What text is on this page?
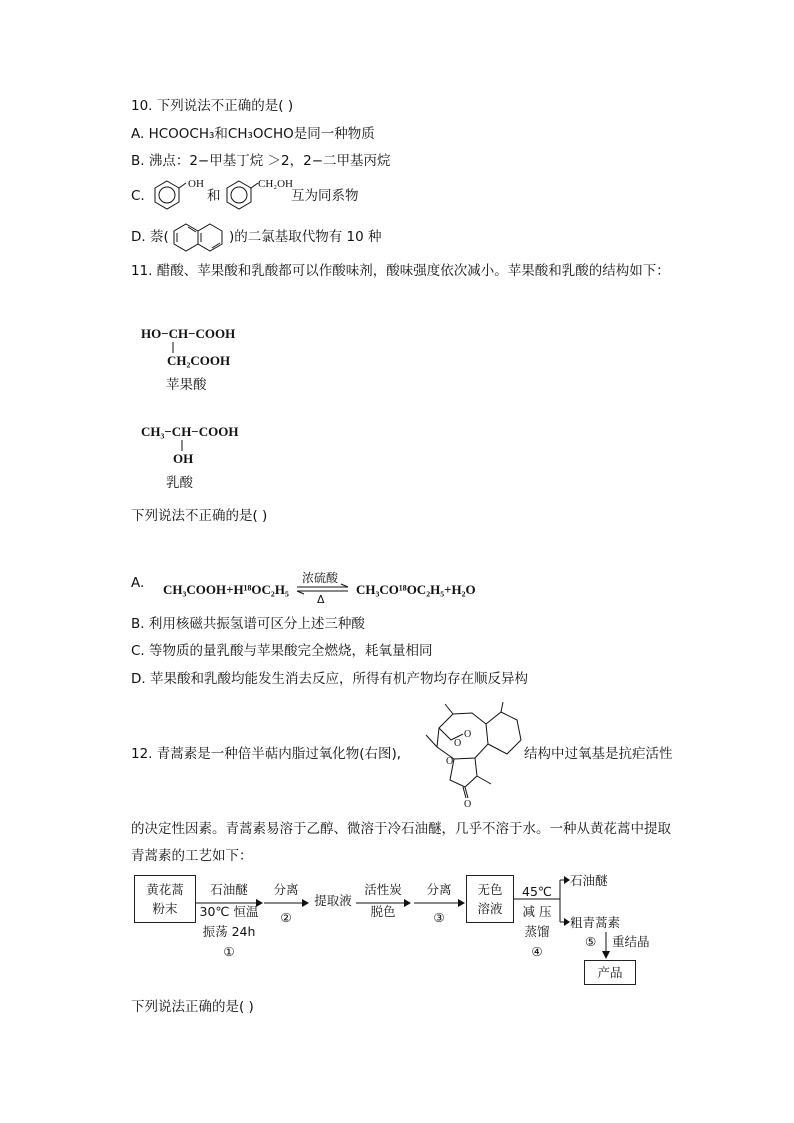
10. 下列说法不正确的是( )
A. HCOOCH₃和CH₃OCHO是同一种物质
B. 沸点：2−甲基丁烷 ＞2，2−二甲基丙烷
C.
OH
和
CH₂OH
互为同系物
D. 萘(	)的二氯基取代物有 10 种
11. 醋酸、苹果酸和乳酸都可以作酸味剂，酸味强度依次减小。苹果酸和乳酸的结构如下：
HO−CH−COOH
CH₂COOH
苹果酸
CH₃−CH−COOH
OH
乳酸
下列说法不正确的是( )
A. CH₃COOH+H¹⁸OC₂H₅
浓硫酸
Δ
CH₃CO¹⁸OC₂H₅+H₂O
B. 利用核磁共振氢谱可区分上述三种酸
C. 等物质的量乳酸与苹果酸完全燃烧，耗氧量相同
D. 苹果酸和乳酸均能发生消去反应，所得有机产物均存在顺反异构
12. 青蒿素是一种倍半萜内脂过氧化物(右图),
O
O
O
O
结构中过氧基是抗疟活性
的决定性因素。青蒿素易溶于乙醇、微溶于冷石油醚，几乎不溶于水。一种从黄花蒿中提取
青蒿素的工艺如下：
黄花蒿
粉末
石油醚
30℃ 恒温
振荡 24h
①
分离
②
提取液
活性炭
脱色
分离
③
无色
溶液
45℃
减 压
蒸馏
④
石油醚
粗青蒿素
⑤ 重结晶
产品
下列说法正确的是( )
